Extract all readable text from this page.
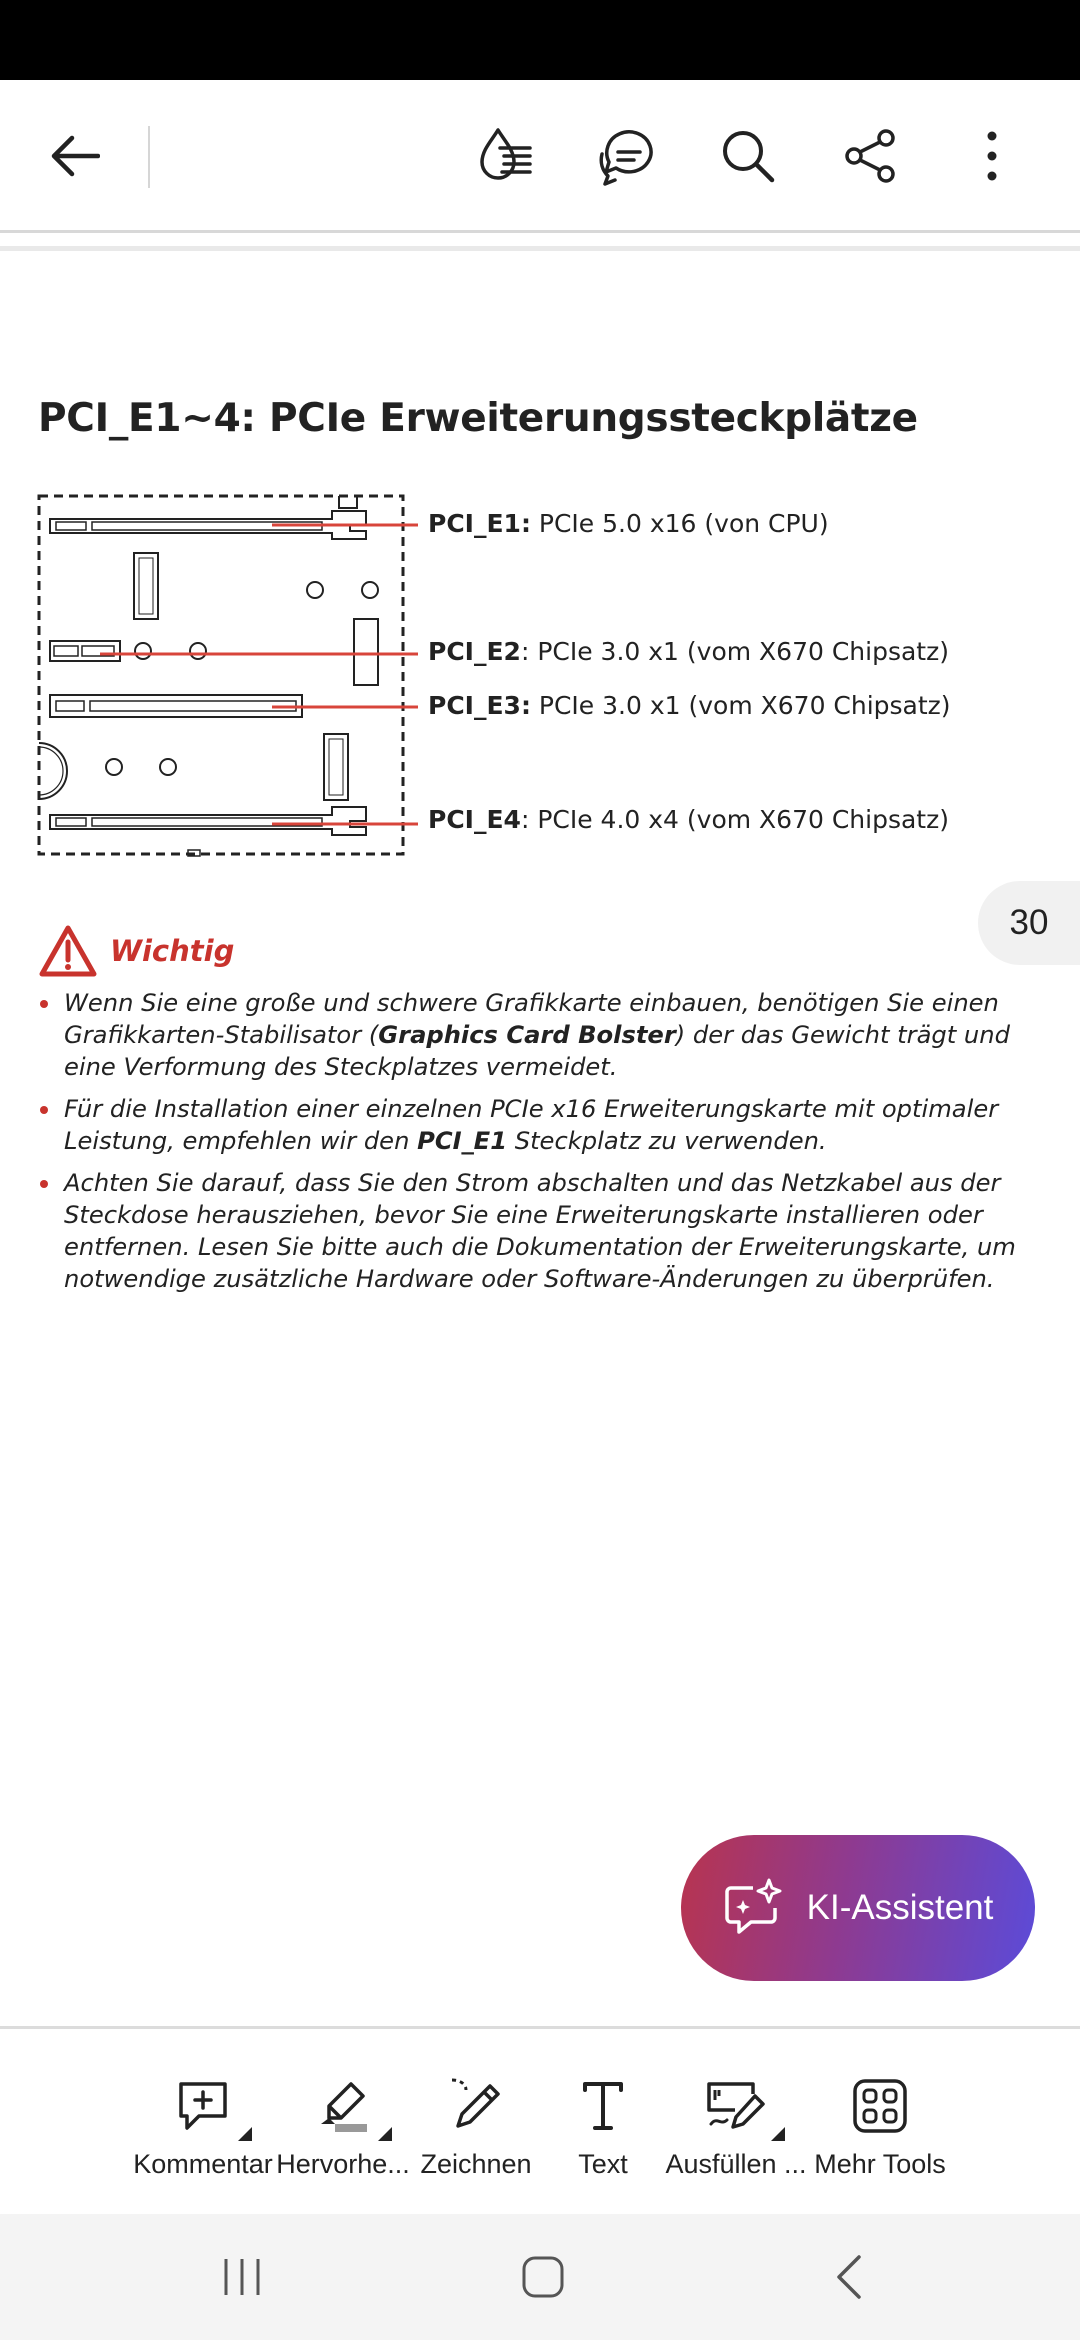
PCI_E1~4: PCIe Erweiterungssteckplätze
PCI_E1: PCIe 5.0 x16 (von CPU)
PCI_E2: PCIe 3.0 x1 (vom X670 Chipsatz)
PCI_E3: PCIe 3.0 x1 (vom X670 Chipsatz)
PCI_E4: PCIe 4.0 x4 (vom X670 Chipsatz)
30
Wichtig
Wenn Sie eine große und schwere Grafikkarte einbauen, benötigen Sie einen Grafikkarten-Stabilisator (Graphics Card Bolster) der das Gewicht trägt und eine Verformung des Steckplatzes vermeidet.
Für die Installation einer einzelnen PCIe x16 Erweiterungskarte mit optimaler Leistung, empfehlen wir den PCI_E1 Steckplatz zu verwenden.
Achten Sie darauf, dass Sie den Strom abschalten und das Netzkabel aus der Steckdose herausziehen, bevor Sie eine Erweiterungskarte installieren oder entfernen. Lesen Sie bitte auch die Dokumentation der Erweiterungskarte, um notwendige zusätzliche Hardware oder Software-Änderungen zu überprüfen.
KI-Assistent
Kommentar Hervorhe... Zeichnen Text Ausfüllen ... Mehr Tools
